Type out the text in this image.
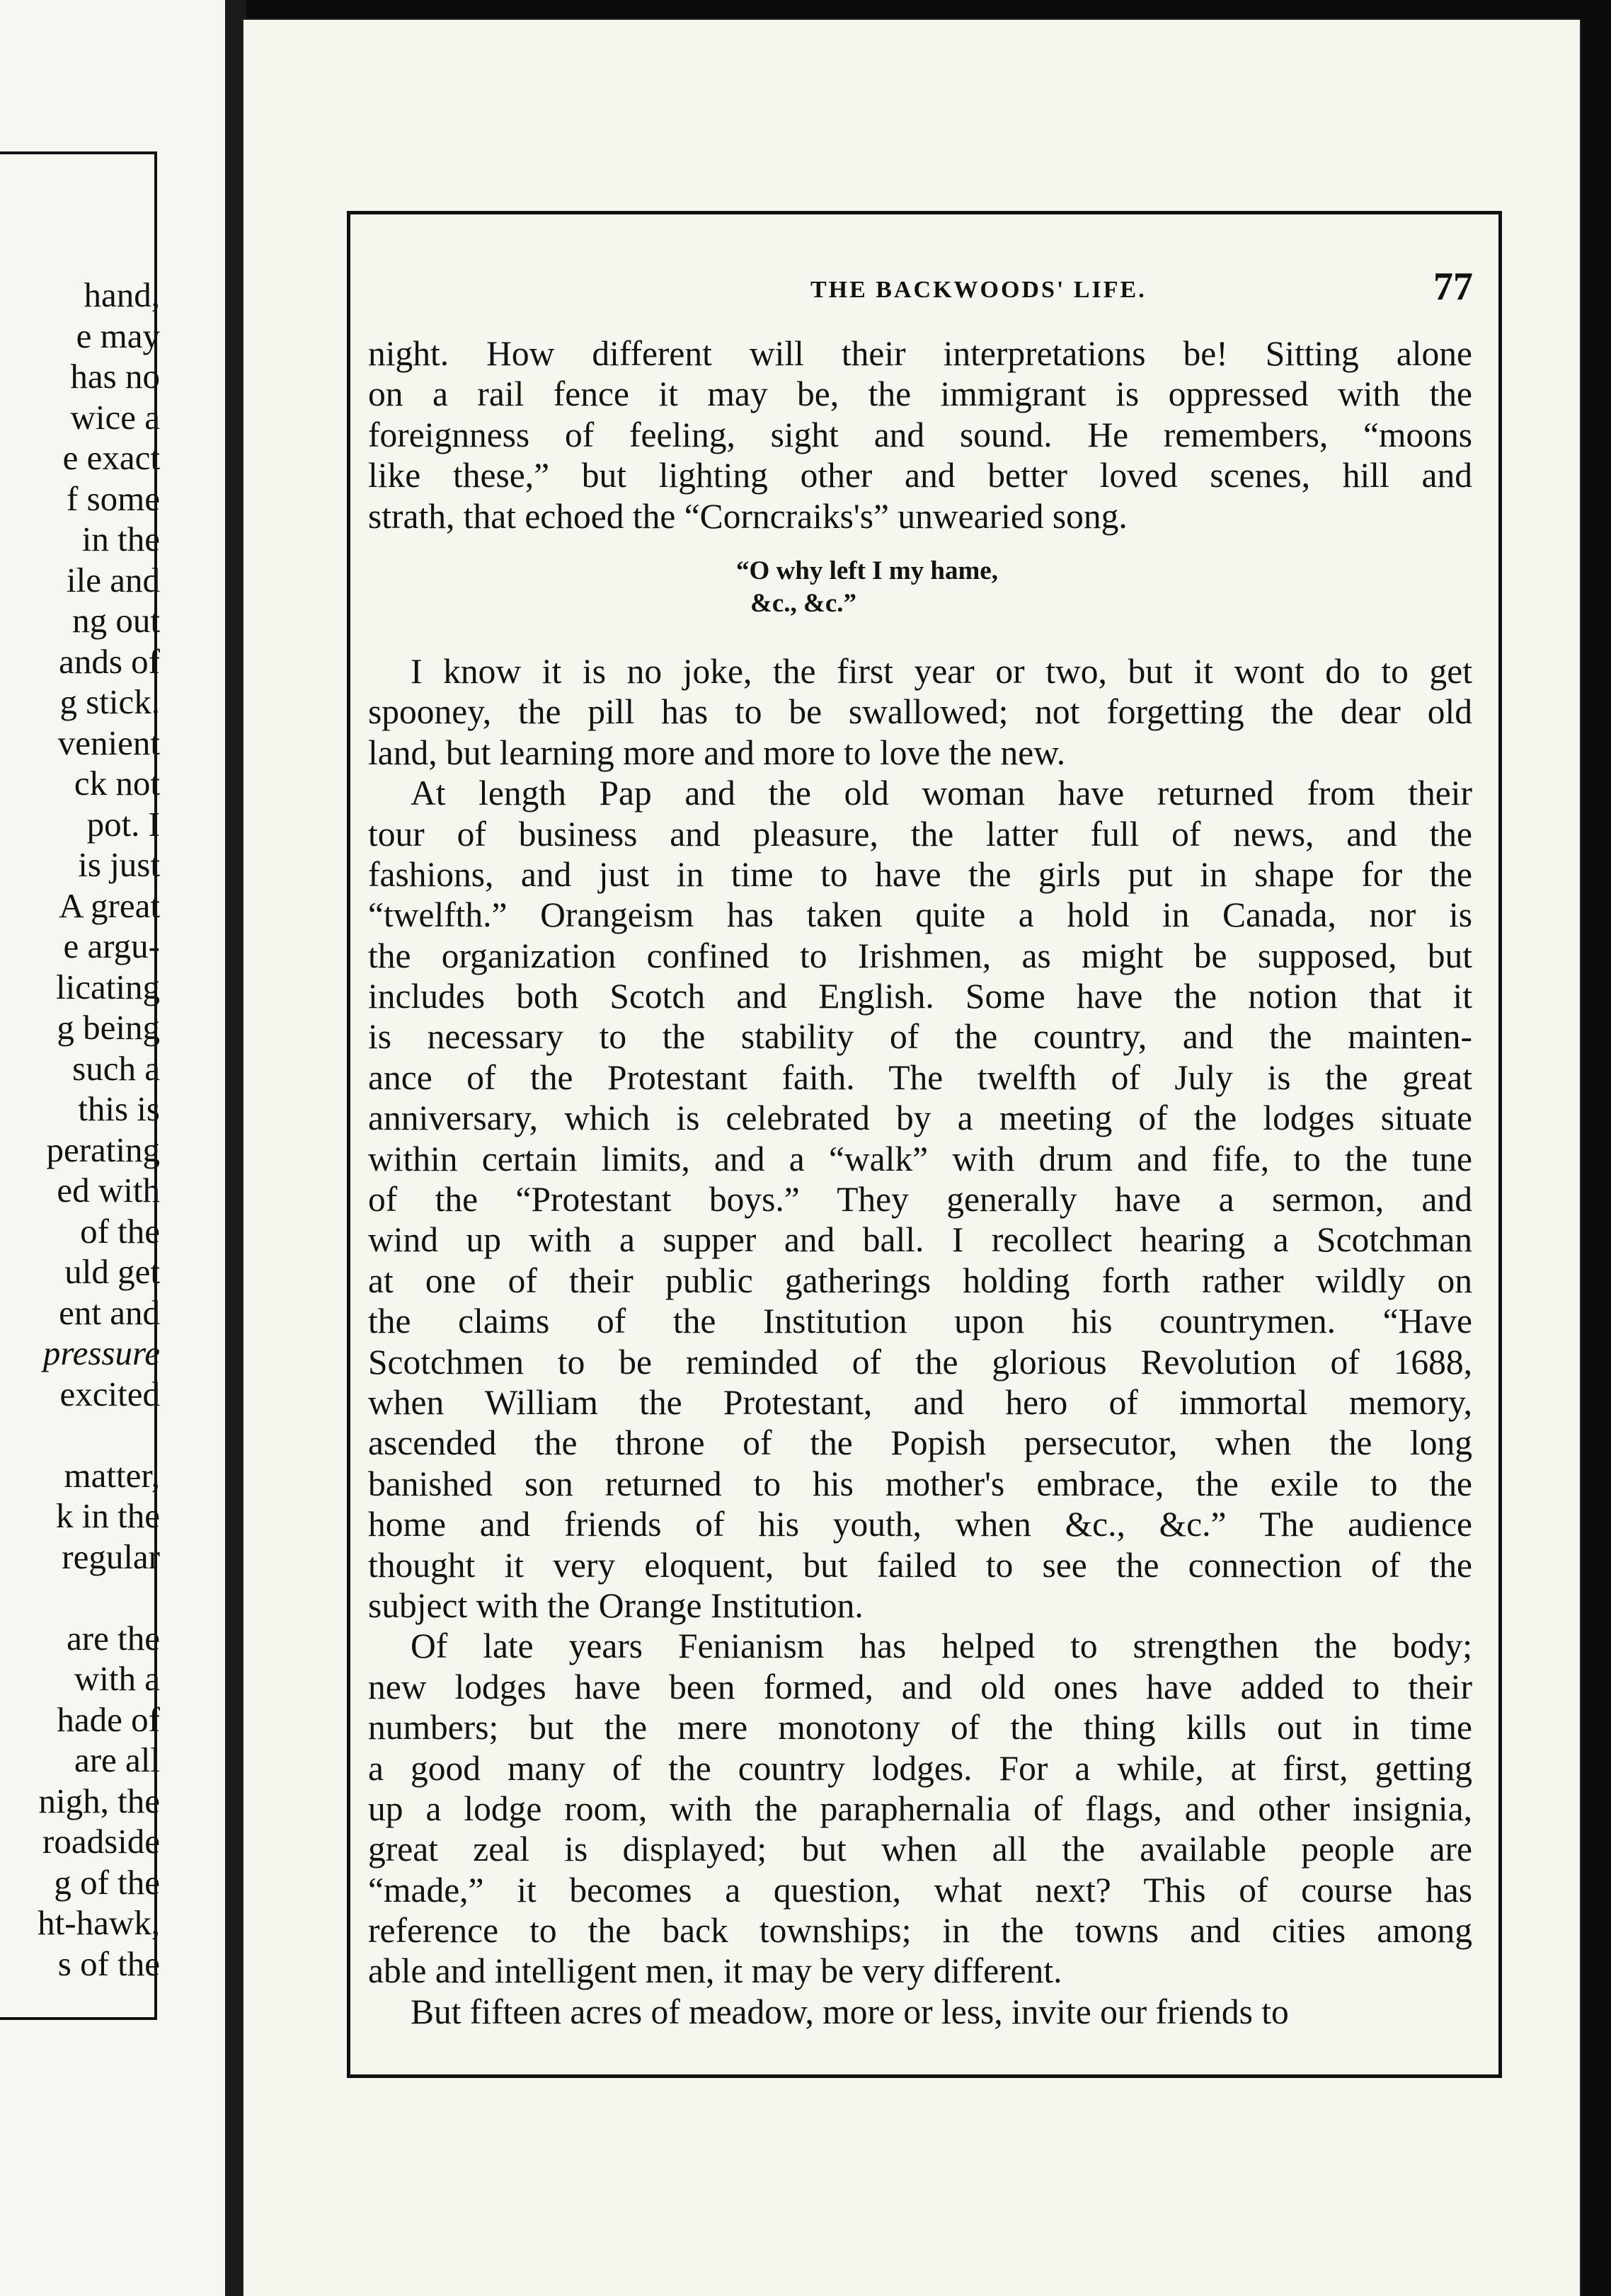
hand,
e may
has no
wice a
e exact
f some
in the
ile and
ng out
ands of
g stick.
venient
ck not
pot. I
is just
A great
e argu-
licating
g being
such a
this is
perating
ed with
of the
uld get
ent and
pressure
excited
matter,
k in the
regular
are the
with a
hade of
are all
nigh, the
roadside
g of the
ht-hawk,
s of the
THE BACKWOODS' LIFE.	77
night. How different will their interpretations be! Sitting alone
on a rail fence it may be, the immigrant is oppressed with the
foreignness of feeling, sight and sound. He remembers, “moons
like these,” but lighting other and better loved scenes, hill and
strath, that echoed the “Corncraiks's” unwearied song.
“O why left I my hame,
&c., &c.”
I know it is no joke, the first year or two, but it wont do to get
spooney, the pill has to be swallowed; not forgetting the dear old
land, but learning more and more to love the new.
At length Pap and the old woman have returned from their
tour of business and pleasure, the latter full of news, and the
fashions, and just in time to have the girls put in shape for the
“twelfth.” Orangeism has taken quite a hold in Canada, nor is
the organization confined to Irishmen, as might be supposed, but
includes both Scotch and English. Some have the notion that it
is necessary to the stability of the country, and the mainten-
ance of the Protestant faith. The twelfth of July is the great
anniversary, which is celebrated by a meeting of the lodges situate
within certain limits, and a “walk” with drum and fife, to the tune
of the “Protestant boys.” They generally have a sermon, and
wind up with a supper and ball. I recollect hearing a Scotchman
at one of their public gatherings holding forth rather wildly on
the claims of the Institution upon his countrymen. “Have
Scotchmen to be reminded of the glorious Revolution of 1688,
when William the Protestant, and hero of immortal memory,
ascended the throne of the Popish persecutor, when the long
banished son returned to his mother's embrace, the exile to the
home and friends of his youth, when &c., &c.” The audience
thought it very eloquent, but failed to see the connection of the
subject with the Orange Institution.
Of late years Fenianism has helped to strengthen the body;
new lodges have been formed, and old ones have added to their
numbers; but the mere monotony of the thing kills out in time
a good many of the country lodges. For a while, at first, getting
up a lodge room, with the paraphernalia of flags, and other insignia,
great zeal is displayed; but when all the available people are
“made,” it becomes a question, what next? This of course has
reference to the back townships; in the towns and cities among
able and intelligent men, it may be very different.
But fifteen acres of meadow, more or less, invite our friends to
